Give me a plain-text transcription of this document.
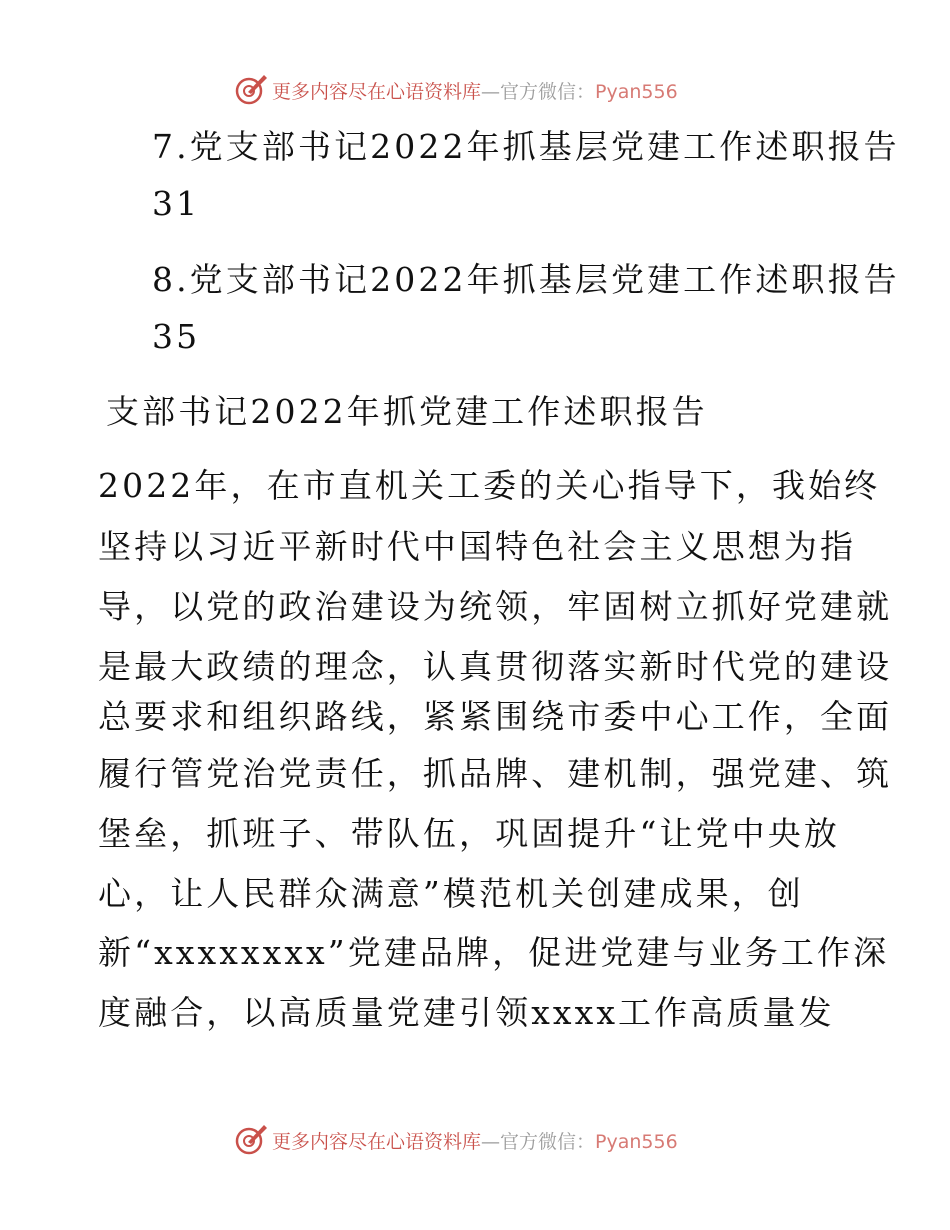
更多内容尽在心语资料库—官方微信：Pyan556
7.党支部书记2022年抓基层党建工作述职报告
31
8.党支部书记2022年抓基层党建工作述职报告
35
支部书记2022年抓党建工作述职报告
2022年，在市直机关工委的关心指导下，我始终
坚持以习近平新时代中国特色社会主义思想为指
导，以党的政治建设为统领，牢固树立抓好党建就
是最大政绩的理念，认真贯彻落实新时代党的建设
总要求和组织路线，紧紧围绕市委中心工作，全面
履行管党治党责任，抓品牌、建机制，强党建、筑
堡垒，抓班子、带队伍，巩固提升“让党中央放
心，让人民群众满意”模范机关创建成果，创
新“xxxxxxxx”党建品牌，促进党建与业务工作深
度融合，以高质量党建引领xxxx工作高质量发
更多内容尽在心语资料库—官方微信：Pyan556
